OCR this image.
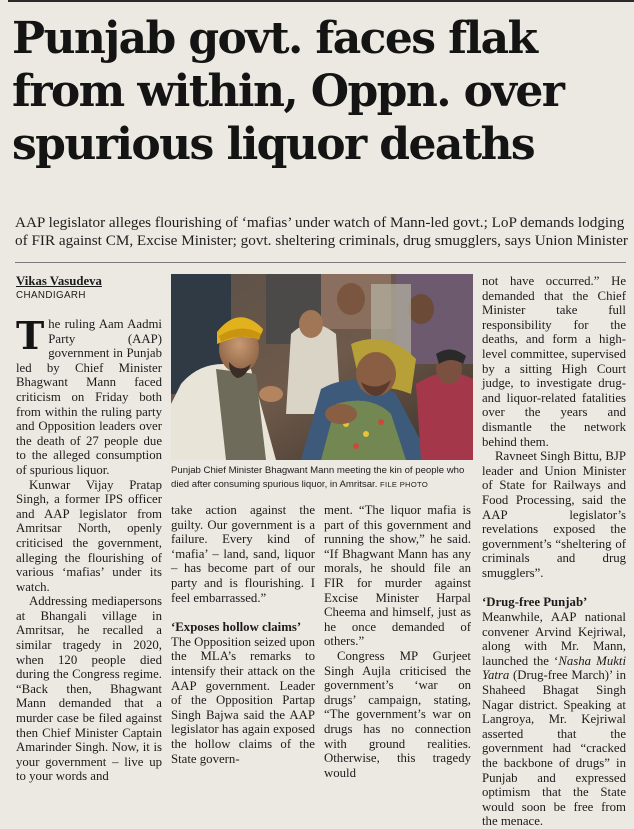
Punjab govt. faces flak
from within, Oppn. over
spurious liquor deaths
AAP legislator alleges flourishing of ‘mafias’ under watch of Mann-led govt.; LoP demands lodging
of FIR against CM, Excise Minister; govt. sheltering criminals, drug smugglers, says Union Minister
Vikas Vasudeva
CHANDIGARH

The ruling Aam Aadmi Party (AAP) government in Punjab led by Chief Minister Bhagwant Mann faced criticism on Friday both from within the ruling party and Opposition leaders over the death of 27 people due to the alleged consumption of spurious liquor.

Kunwar Vijay Pratap Singh, a former IPS officer and AAP legislator from Amritsar North, openly criticised the government, alleging the flourishing of various ‘mafias’ under its watch.

Addressing mediapersons at Bhangali village in Amritsar, he recalled a similar tragedy in 2020, when 120 people died during the Congress regime. “Back then, Bhagwant Mann demanded that a murder case be filed against then Chief Minister Captain Amarinder Singh. Now, it is your government – live up to your words and

Punjab Chief Minister Bhagwant Mann meeting the kin of people who died after consuming spurious liquor, in Amritsar. FILE PHOTO

take action against the guilty. Our government is a failure. Every kind of ‘mafia’ – land, sand, liquor – has become part of our party and is flourishing. I feel embarrassed.”

‘Exposes hollow claims’

The Opposition seized upon the MLA’s remarks to intensify their attack on the AAP government. Leader of the Opposition Partap Singh Bajwa said the AAP legislator has again exposed the hollow claims of the State govern-

ment. “The liquor mafia is part of this government and running the show,” he said. “If Bhagwant Mann has any morals, he should file an FIR for murder against Excise Minister Harpal Cheema and himself, just as he once demanded of others.”

Congress MP Gurjeet Singh Aujla criticised the government’s ‘war on drugs’ campaign, stating, “The government’s war on drugs has no connection with ground realities. Otherwise, this tragedy would

not have occurred.” He demanded that the Chief Minister take full responsibility for the deaths, and form a high-level committee, supervised by a sitting High Court judge, to investigate drug- and liquor-related fatalities over the years and dismantle the network behind them.

Ravneet Singh Bittu, BJP leader and Union Minister of State for Railways and Food Processing, said the AAP legislator’s revelations exposed the government’s “sheltering of criminals and drug smugglers”.

‘Drug-free Punjab’

Meanwhile, AAP national convener Arvind Kejriwal, along with Mr. Mann, launched the ‘Nasha Mukti Yatra (Drug-free March)’ in Shaheed Bhagat Singh Nagar district. Speaking at Langroya, Mr. Kejriwal asserted that the government had “cracked the backbone of drugs” in Punjab and expressed optimism that the State would soon be free from the menace.
